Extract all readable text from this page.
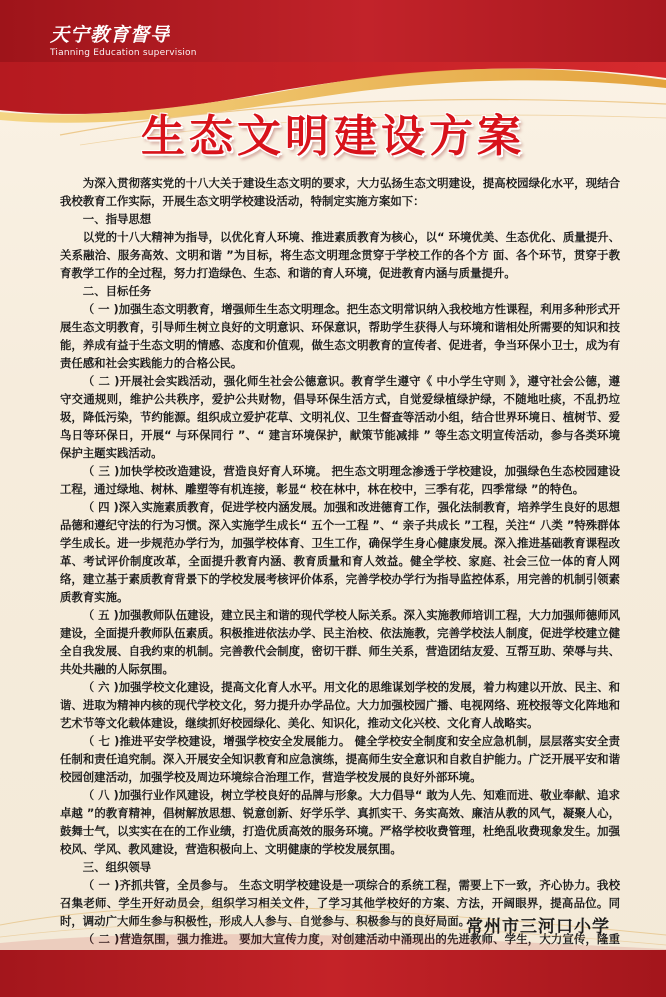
天宁教育督导
Tianning Education supervision
生态文明建设方案

为深入贯彻落实党的十八大关于建设生态文明的要求，大力弘扬生态文明建设，提高校园绿化水平，现结合我校教育工作实际，开展生态文明学校建设活动，特制定实施方案如下：

一、指导思想

以党的十八大精神为指导，以优化育人环境、推进素质教育为核心，以“ 环境优美、生态优化、质量提升、关系融洽、服务高效、文明和谐 ”为目标，将生态文明理念贯穿于学校工作的各个方 面、各个环节，贯穿于教育教学工作的全过程，努力打造绿色、生态、和谐的育人环境，促进教育内涵与质量提升。

二、目标任务

（ 一 )加强生态文明教育，增强师生生态文明理念。把生态文明常识纳入我校地方性课程，利用多种形式开展生态文明教育，引导师生树立良好的文明意识、环保意识，帮助学生获得人与环境和谐相处所需要的知识和技能，养成有益于生态文明的情感、态度和价值观，做生态文明教育的宣传者、促进者，争当环保小卫士，成为有责任感和社会实践能力的合格公民。

（ 二 )开展社会实践活动，强化师生社会公德意识。教育学生遵守《 中小学生守则 》，遵守社会公德，遵守交通规则，维护公共秩序，爱护公共财物，倡导环保生活方式，自觉爱绿植绿护绿，不随地吐痰，不乱扔垃圾，降低污染，节约能源。组织成立爱护花草、文明礼仪、卫生督查等活动小组，结合世界环境日、植树节、爱鸟日等环保日，开展“ 与环保同行 ”、“ 建言环境保护，献策节能减排 ” 等生态文明宣传活动，参与各类环境保护主题实践活动。

（ 三 )加快学校改造建设，营造良好育人环境。 把生态文明理念渗透于学校建设，加强绿色生态校园建设工程，通过绿地、树林、雕塑等有机连接，彰显“ 校在林中，林在校中，三季有花，四季常绿 ”的特色。

（ 四 )深入实施素质教育，促进学校内涵发展。加强和改进德育工作，强化法制教育，培养学生良好的思想品德和遵纪守法的行为习惯。深入实施学生成长“ 五个一工程 ”、“ 亲子共成长 ”工程，关注“ 八类 ”特殊群体学生成长。进一步规范办学行为，加强学校体育、卫生工作，确保学生身心健康发展。深入推进基础教育课程改革、考试评价制度改革，全面提升教育内涵、教育质量和育人效益。健全学校、家庭、社会三位一体的育人网络，建立基于素质教育背景下的学校发展考核评价体系，完善学校办学行为指导监控体系，用完善的机制引领素质教育实施。

（ 五 )加强教师队伍建设，建立民主和谐的现代学校人际关系。深入实施教师培训工程，大力加强师德师风建设，全面提升教师队伍素质。积极推进依法办学、民主治校、依法施教，完善学校法人制度，促进学校建立健全自我发展、自我约束的机制。完善教代会制度，密切干群、师生关系，营造团结友爱、互帮互助、荣辱与共、共处共融的人际氛围。

（ 六 )加强学校文化建设，提高文化育人水平。用文化的思维谋划学校的发展，着力构建以开放、民主、和谐、进取为精神内核的现代学校文化，努力提升办学品位。大力加强校园广播、电视网络、班校报等文化阵地和艺术节等文化载体建设，继续抓好校园绿化、美化、知识化，推动文化兴校、文化育人战略实。

（ 七 )推进平安学校建设，增强学校安全发展能力。 健全学校安全制度和安全应急机制，层层落实安全责任制和责任追究制。深入开展安全知识教育和应急演练，提高师生安全意识和自救自护能力。广泛开展平安和谐校园创建活动，加强学校及周边环境综合治理工作，营造学校发展的良好外部环境。

（ 八 )加强行业作风建设，树立学校良好的品牌与形象。大力倡导“ 敢为人先、知难而进、敬业奉献、追求卓越 ”的教育精神，倡树解放思想、锐意创新、好学乐学、真抓实干、务实高效、廉洁从教的风气，凝聚人心，鼓舞士气，以实实在在的工作业绩，打造优质高效的服务环境。严格学校收费管理，杜绝乱收费现象发生。加强校风、学风、教风建设，营造积极向上、文明健康的学校发展氛围。

三、组织领导

（ 一 )齐抓共管，全员参与。 生态文明学校建设是一项综合的系统工程，需要上下一致，齐心协力。我校召集老师、学生开好动员会，组织学习相关文件，了学习其他学校好的方案、方法，开阔眼界，提高品位。同时，调动广大师生参与积极性，形成人人参与、自觉参与、积极参与的良好局面。

（ 二 )营造氛围，强力推进。 要加大宣传力度，对创建活动中涌现出的先进教师、学生，大力宣传，隆重

常州市三河口小学
